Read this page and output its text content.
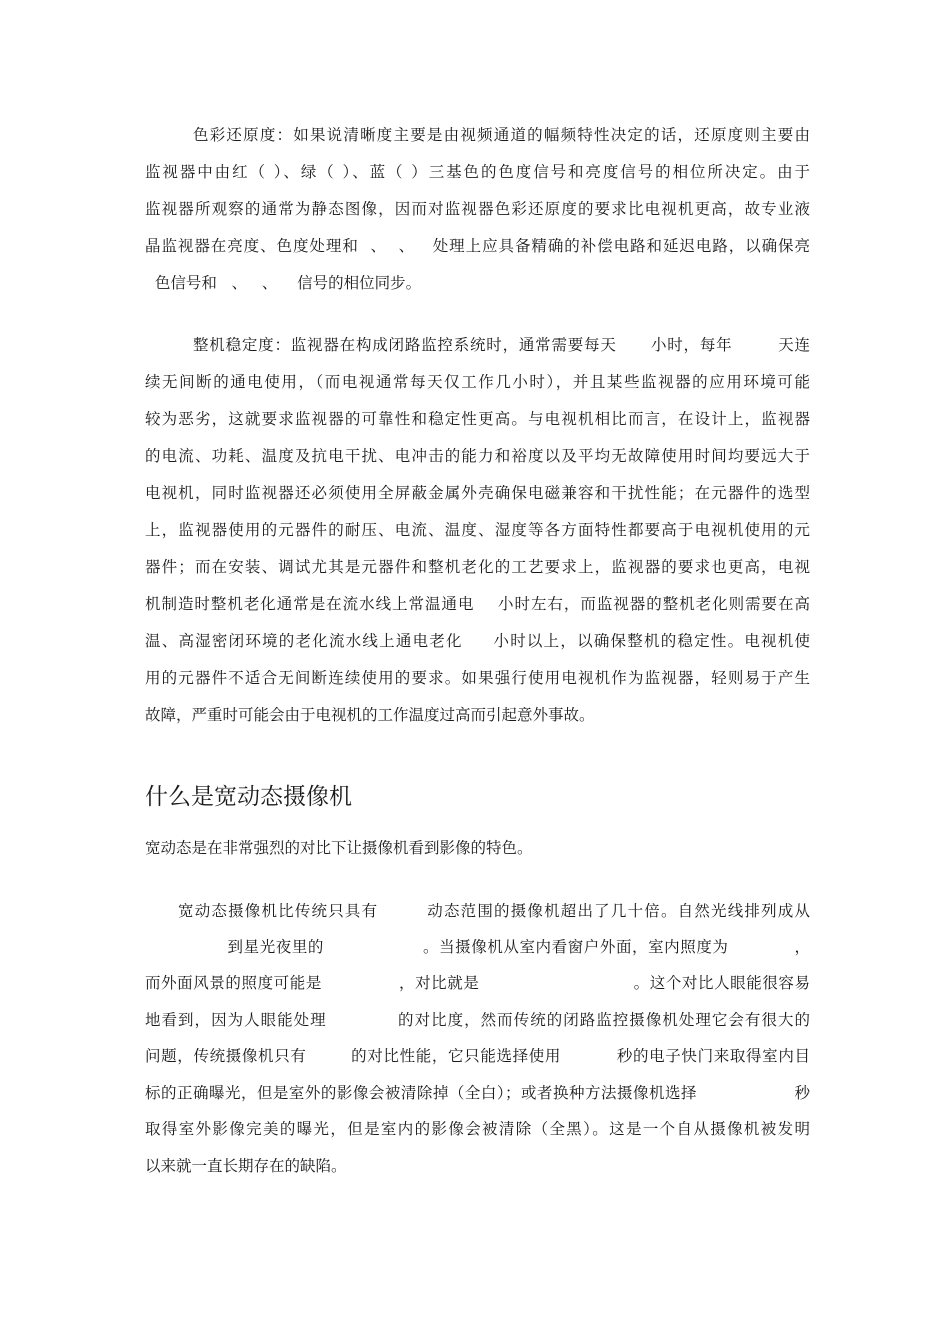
色彩还原度：如果说清晰度主要是由视频通道的幅频特性决定的话，还原度则主要由
监视器中由红（ ）、绿（ ）、蓝（ ）三基色的色度信号和亮度信号的相位所决定。由于
监视器所观察的通常为静态图像，因而对监视器色彩还原度的要求比电视机更高，故专业液
晶监视器在亮度、色度处理和  、  、   处理上应具备精确的补偿电路和延迟电路，以确保亮
色信号和   、   、    信号的相位同步。
整机稳定度：监视器在构成闭路监控系统时，通常需要每天      小时，每年        天连
续无间断的通电使用，（而电视通常每天仅工作几小时），并且某些监视器的应用环境可能
较为恶劣，这就要求监视器的可靠性和稳定性更高。与电视机相比而言，在设计上，监视器
的电流、功耗、温度及抗电干扰、电冲击的能力和裕度以及平均无故障使用时间均要远大于
电视机，同时监视器还必须使用全屏蔽金属外壳确保电磁兼容和干扰性能；在元器件的选型
上，监视器使用的元器件的耐压、电流、温度、湿度等各方面特性都要高于电视机使用的元
器件；而在安装、调试尤其是元器件和整机老化的工艺要求上，监视器的要求也更高，电视
机制造时整机老化通常是在流水线上常温通电    小时左右，而监视器的整机老化则需要在高
温、高湿密闭环境的老化流水线上通电老化     小时以上，以确保整机的稳定性。电视机使
用的元器件不适合无间断连续使用的要求。如果强行使用电视机作为监视器，轻则易于产生
故障，严重时可能会由于电视机的工作温度过高而引起意外事故。
什么是宽动态摄像机
宽动态是在非常强烈的对比下让摄像机看到影像的特色。
宽动态摄像机比传统只具有        动态范围的摄像机超出了几十倍。自然光线排列成从
到星光夜里的                  。当摄像机从室内看窗户外面，室内照度为            ，
而外面风景的照度可能是              ，对比就是                            。这个对比人眼能很容易
地看到，因为人眼能处理            的对比度，然而传统的闭路监控摄像机处理它会有很大的
问题，传统摄像机只有        的对比性能，它只能选择使用          秒的电子快门来取得室内目
标的正确曝光，但是室外的影像会被清除掉（全白）；或者换种方法摄像机选择                  秒
取得室外影像完美的曝光，但是室内的影像会被清除（全黑）。这是一个自从摄像机被发明
以来就一直长期存在的缺陷。
